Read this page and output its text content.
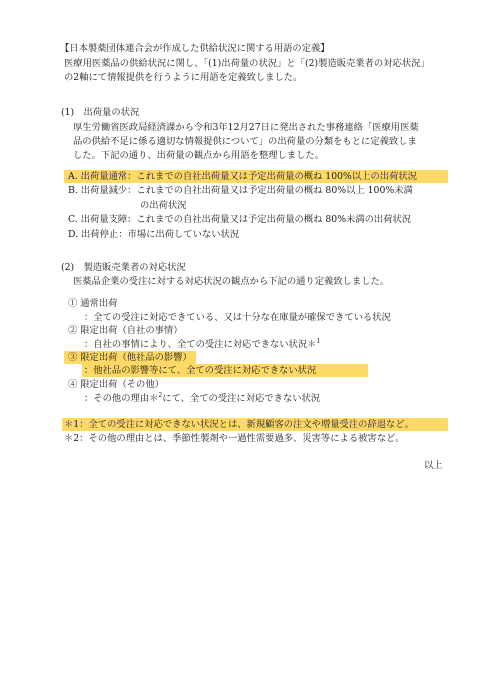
【日本製薬団体連合会が作成した供給状況に関する用語の定義】
医療用医薬品の供給状況に関し、「(1)出荷量の状況」と「(2)製造販売業者の対応状況」
の2軸にて情報提供を行うように用語を定義致しました。
(1)　出荷量の状況
厚生労働省医政局経済課から令和3年12月27日に発出された事務連絡「医療用医薬
品の供給不足に係る適切な情報提供について」の出荷量の分類をもとに定義致しま
した。下記の通り、出荷量の観点から用語を整理しました。
A. 出荷量通常：これまでの自社出荷量又は予定出荷量の概ね 100%以上の出荷状況
B. 出荷量減少：これまでの自社出荷量又は予定出荷量の概ね 80%以上 100%未満
の出荷状況
C. 出荷量支障：これまでの自社出荷量又は予定出荷量の概ね 80%未満の出荷状況
D. 出荷停止：市場に出荷していない状況
(2)　製造販売業者の対応状況
医薬品企業の受注に対する対応状況の観点から下記の通り定義致しました。
① 通常出荷
：全ての受注に対応できている、又は十分な在庫量が確保できている状況
② 限定出荷（自社の事情）
：自社の事情により、全ての受注に対応できない状況＊$^1$
③ 限定出荷（他社品の影響）
：他社品の影響等にて、全ての受注に対応できない状況
④ 限定出荷（その他）
：その他の理由＊$^2$にて、全ての受注に対応できない状況
＊1：全ての受注に対応できない状況とは、新規顧客の注文や増量受注の辞退など。
＊2：その他の理由とは、季節性製剤や一過性需要過多、災害等による被害など。
以上
